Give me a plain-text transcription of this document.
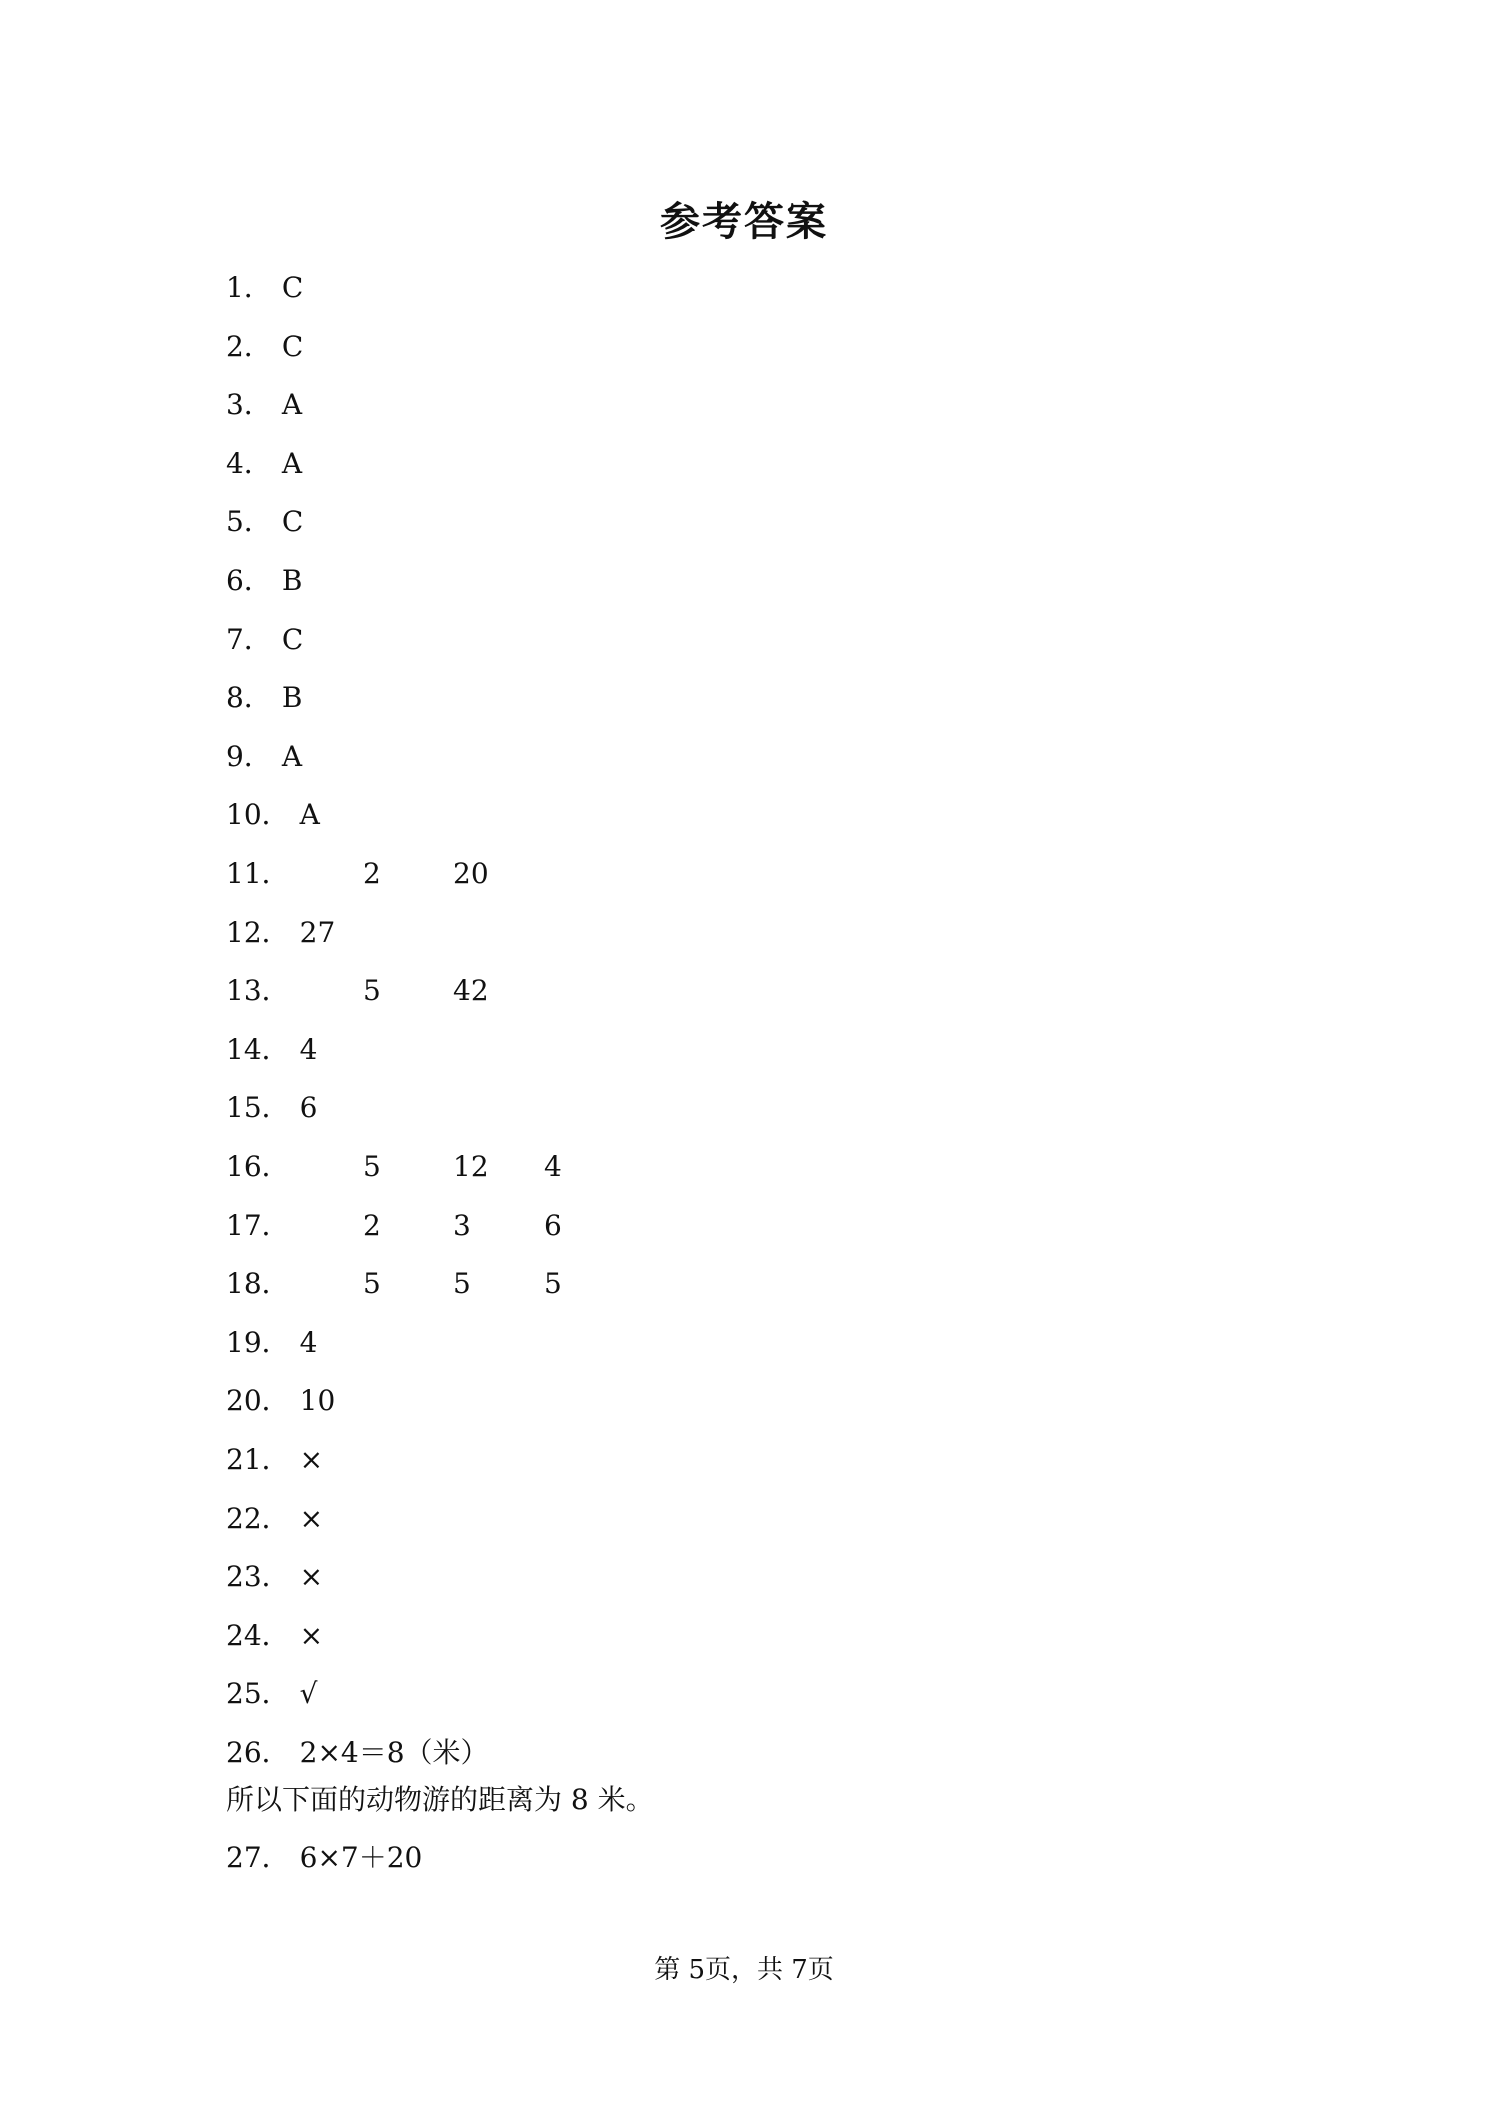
参考答案
1． C
2． C
3． A
4． A
5． C
6． B
7． C
8． B
9． A
10． A
11．	2	20
12． 27
13．	5	42
14． 4
15． 6
16．	5	12 4
17．	2	3	6
18．	5	5	5
19． 4
20． 10
21． ×
22． ×
23． ×
24． ×
25． √
26． 2×4＝8（米）
所以下面的动物游的距离为 8 米。
27． 6×7＋20
第 5页，共 7页
